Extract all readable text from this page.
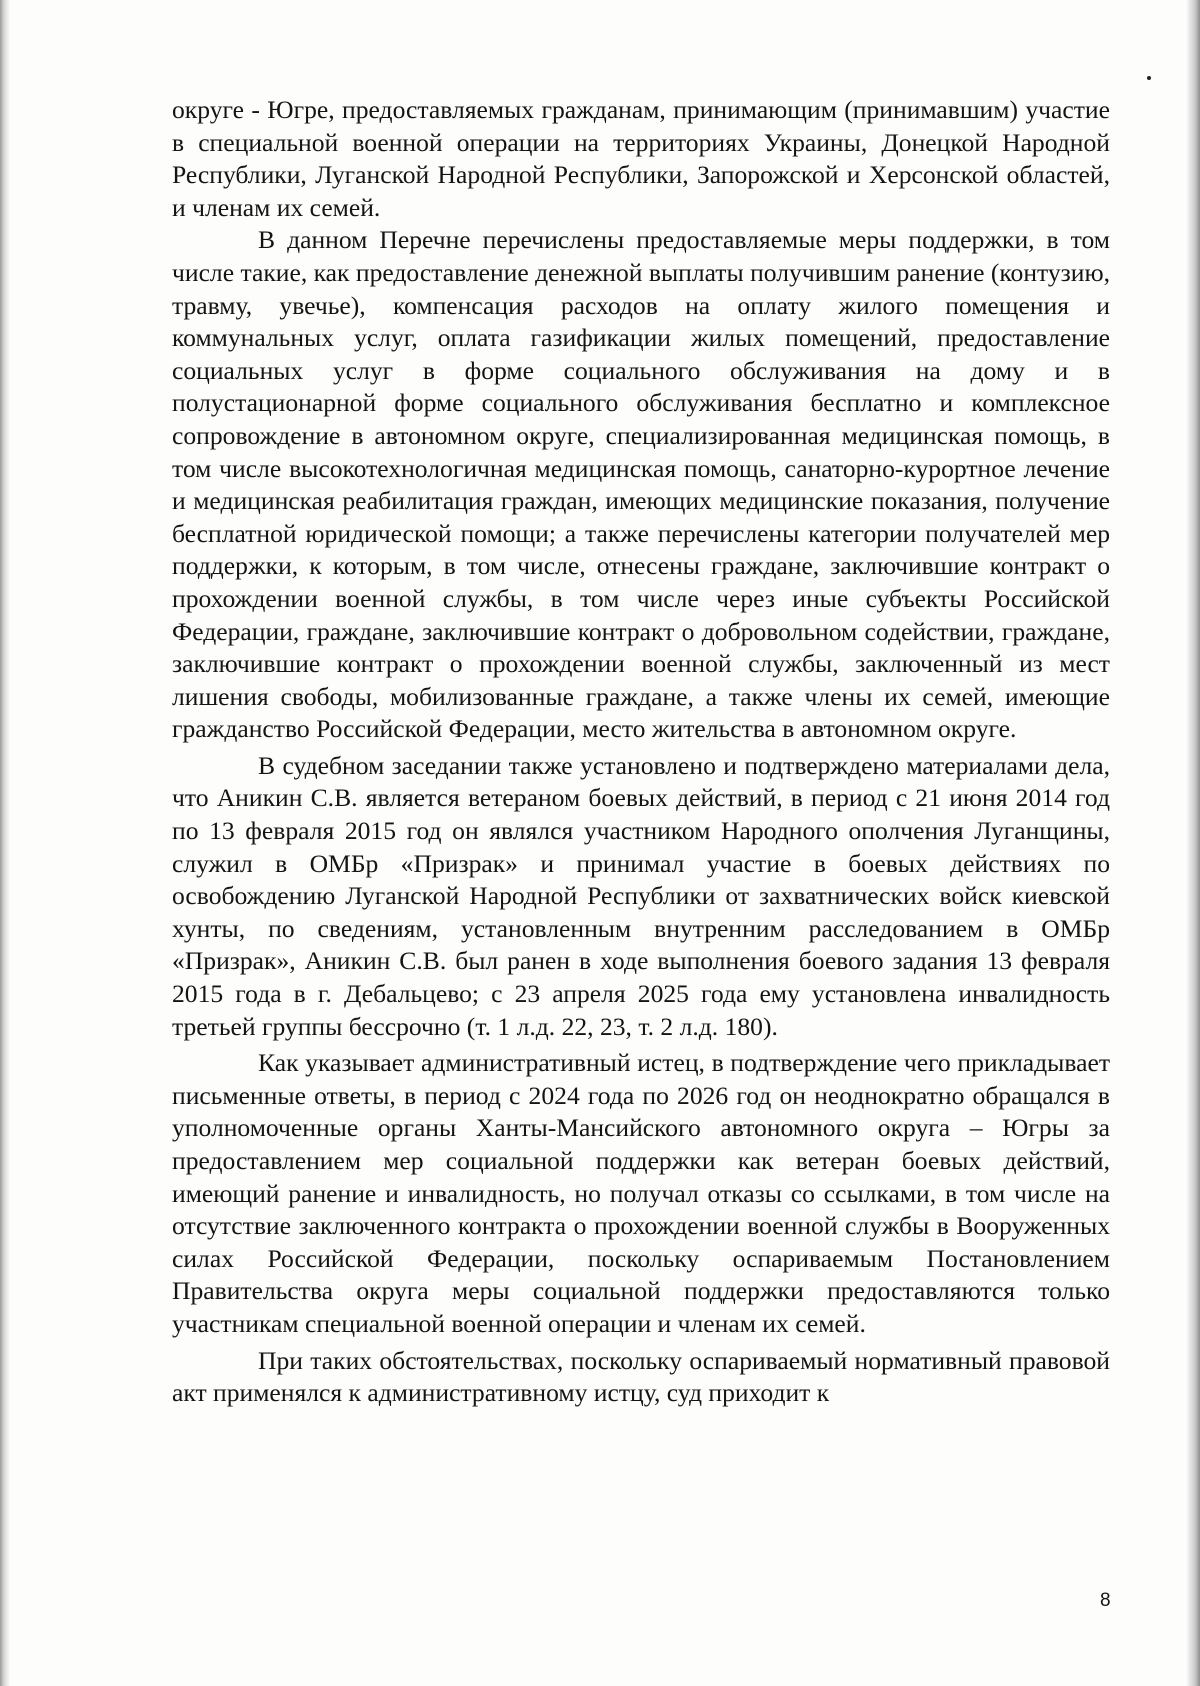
округе - Югре, предоставляемых гражданам, принимающим (принимавшим) участие в специальной военной операции на территориях Украины, Донецкой Народной Республики, Луганской Народной Республики, Запорожской и Херсонской областей, и членам их семей.

В данном Перечне перечислены предоставляемые меры поддержки, в том числе такие, как предоставление денежной выплаты получившим ранение (контузию, травму, увечье), компенсация расходов на оплату жилого помещения и коммунальных услуг, оплата газификации жилых помещений, предоставление социальных услуг в форме социального обслуживания на дому и в полустационарной форме социального обслуживания бесплатно и комплексное сопровождение в автономном округе, специализированная медицинская помощь, в том числе высокотехнологичная медицинская помощь, санаторно-курортное лечение и медицинская реабилитация граждан, имеющих медицинские показания, получение бесплатной юридической помощи; а также перечислены категории получателей мер поддержки, к которым, в том числе, отнесены граждане, заключившие контракт о прохождении военной службы, в том числе через иные субъекты Российской Федерации, граждане, заключившие контракт о добровольном содействии, граждане, заключившие контракт о прохождении военной службы, заключенный из мест лишения свободы, мобилизованные граждане, а также члены их семей, имеющие гражданство Российской Федерации, место жительства в автономном округе.

В судебном заседании также установлено и подтверждено материалами дела, что Аникин С.В. является ветераном боевых действий, в период с 21 июня 2014 год по 13 февраля 2015 год он являлся участником Народного ополчения Луганщины, служил в ОМБр «Призрак» и принимал участие в боевых действиях по освобождению Луганской Народной Республики от захватнических войск киевской хунты, по сведениям, установленным внутренним расследованием в ОМБр «Призрак», Аникин С.В. был ранен в ходе выполнения боевого задания 13 февраля 2015 года в г. Дебальцево; с 23 апреля 2025 года ему установлена инвалидность третьей группы бессрочно (т. 1 л.д. 22, 23, т. 2 л.д. 180).

Как указывает административный истец, в подтверждение чего прикладывает письменные ответы, в период с 2024 года по 2026 год он неоднократно обращался в уполномоченные органы Ханты-Мансийского автономного округа – Югры за предоставлением мер социальной поддержки как ветеран боевых действий, имеющий ранение и инвалидность, но получал отказы со ссылками, в том числе на отсутствие заключенного контракта о прохождении военной службы в Вооруженных силах Российской Федерации, поскольку оспариваемым Постановлением Правительства округа меры социальной поддержки предоставляются только участникам специальной военной операции и членам их семей.

При таких обстоятельствах, поскольку оспариваемый нормативный правовой акт применялся к административному истцу, суд приходит к

8
